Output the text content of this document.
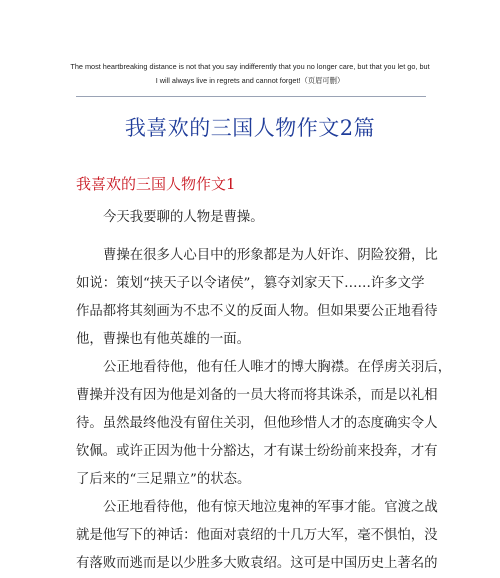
The most heartbreaking distance is not that you say indifferently that you no longer care, but that you let go, but
I will always live in regrets and cannot forget!（页眉可删）
我喜欢的三国人物作文2篇
我喜欢的三国人物作文1
今天我要聊的人物是曹操。
曹操在很多人心目中的形象都是为人奸诈、阴险狡猾，比
如说：策划“挟天子以令诸侯”，篡夺刘家天下……许多文学
作品都将其刻画为不忠不义的反面人物。但如果要公正地看待
他，曹操也有他英雄的一面。
公正地看待他，他有任人唯才的博大胸襟。在俘虏关羽后，
曹操并没有因为他是刘备的一员大将而将其诛杀，而是以礼相
待。虽然最终他没有留住关羽，但他珍惜人才的态度确实令人
钦佩。或许正因为他十分豁达，才有谋士纷纷前来投奔，才有
了后来的“三足鼎立”的状态。
公正地看待他，他有惊天地泣鬼神的军事才能。官渡之战
就是他写下的神话：他面对袁绍的十几万大军，毫不惧怕，没
有落败而逃而是以少胜多大败袁绍。这可是中国历史上著名的
